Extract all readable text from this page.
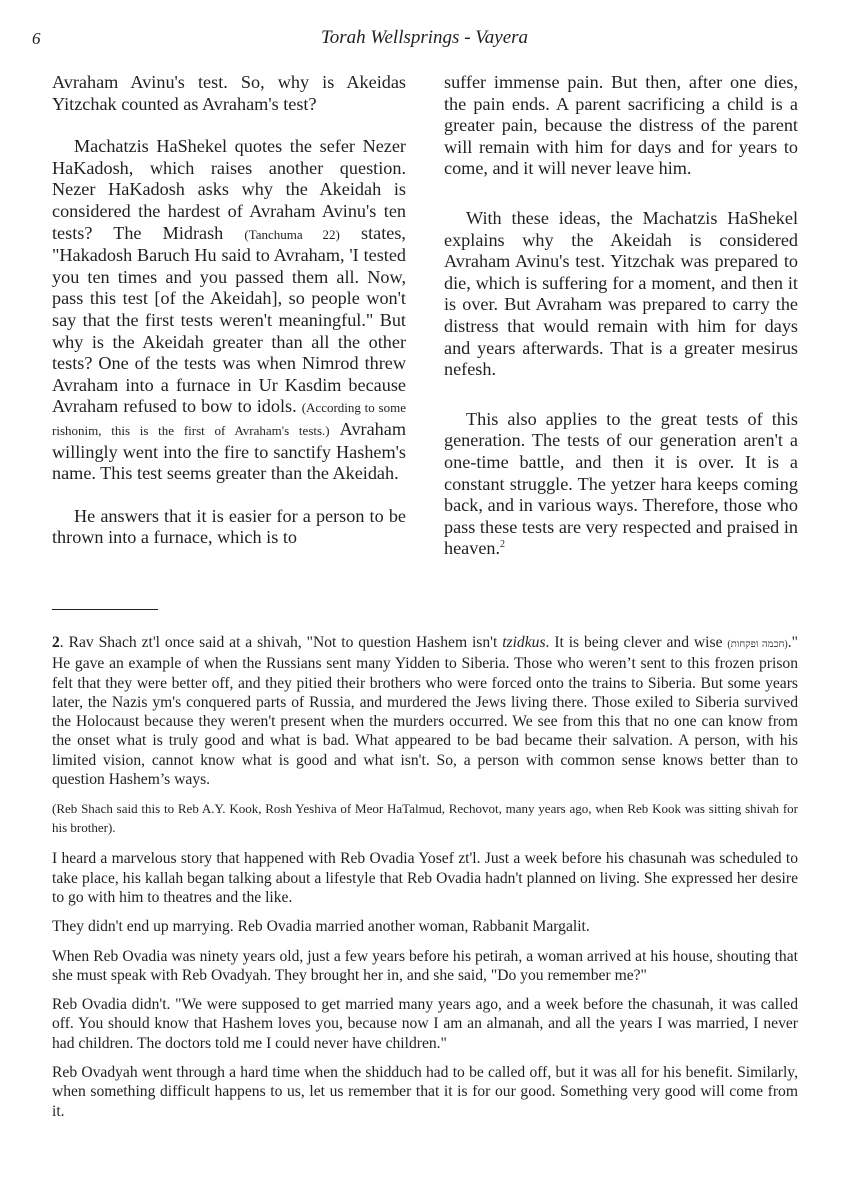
6	Torah Wellsprings - Vayera

Avraham Avinu's test. So, why is Akeidas Yitzchak counted as Avraham's test?

Machatzis HaShekel quotes the sefer Nezer HaKadosh, which raises another question. Nezer HaKadosh asks why the Akeidah is considered the hardest of Avraham Avinu's ten tests? The Midrash (Tanchuma 22) states, "Hakadosh Baruch Hu said to Avraham, 'I tested you ten times and you passed them all. Now, pass this test [of the Akeidah], so people won't say that the first tests weren't meaningful." But why is the Akeidah greater than all the other tests? One of the tests was when Nimrod threw Avraham into a furnace in Ur Kasdim because Avraham refused to bow to idols. (According to some rishonim, this is the first of Avraham's tests.) Avraham willingly went into the fire to sanctify Hashem's name. This test seems greater than the Akeidah.

He answers that it is easier for a person to be thrown into a furnace, which is to

suffer immense pain. But then, after one dies, the pain ends. A parent sacrificing a child is a greater pain, because the distress of the parent will remain with him for days and for years to come, and it will never leave him.

With these ideas, the Machatzis HaShekel explains why the Akeidah is considered Avraham Avinu's test. Yitzchak was prepared to die, which is suffering for a moment, and then it is over. But Avraham was prepared to carry the distress that would remain with him for days and years afterwards. That is a greater mesirus nefesh.

This also applies to the great tests of this generation. The tests of our generation aren't a one-time battle, and then it is over. It is a constant struggle. The yetzer hara keeps coming back, and in various ways. Therefore, those who pass these tests are very respected and praised in heaven.$^2$

2. Rav Shach zt'l once said at a shivah, "Not to question Hashem isn't tzidkus. It is being clever and wise (חכמה ופקחות)." He gave an example of when the Russians sent many Yidden to Siberia. Those who weren’t sent to this frozen prison felt that they were better off, and they pitied their brothers who were forced onto the trains to Siberia. But some years later, the Nazis ym's conquered parts of Russia, and murdered the Jews living there. Those exiled to Siberia survived the Holocaust because they weren't present when the murders occurred. We see from this that no one can know from the onset what is truly good and what is bad. What appeared to be bad became their salvation. A person, with his limited vision, cannot know what is good and what isn't. So, a person with common sense knows better than to question Hashem’s ways.

(Reb Shach said this to Reb A.Y. Kook, Rosh Yeshiva of Meor HaTalmud, Rechovot, many years ago, when Reb Kook was sitting shivah for his brother).

I heard a marvelous story that happened with Reb Ovadia Yosef zt'l. Just a week before his chasunah was scheduled to take place, his kallah began talking about a lifestyle that Reb Ovadia hadn't planned on living. She expressed her desire to go with him to theatres and the like.

They didn't end up marrying. Reb Ovadia married another woman, Rabbanit Margalit.

When Reb Ovadia was ninety years old, just a few years before his petirah, a woman arrived at his house, shouting that she must speak with Reb Ovadyah. They brought her in, and she said, "Do you remember me?"

Reb Ovadia didn't. "We were supposed to get married many years ago, and a week before the chasunah, it was called off. You should know that Hashem loves you, because now I am an almanah, and all the years I was married, I never had children. The doctors told me I could never have children."

Reb Ovadyah went through a hard time when the shidduch had to be called off, but it was all for his benefit. Similarly, when something difficult happens to us, let us remember that it is for our good. Something very good will come from it.
